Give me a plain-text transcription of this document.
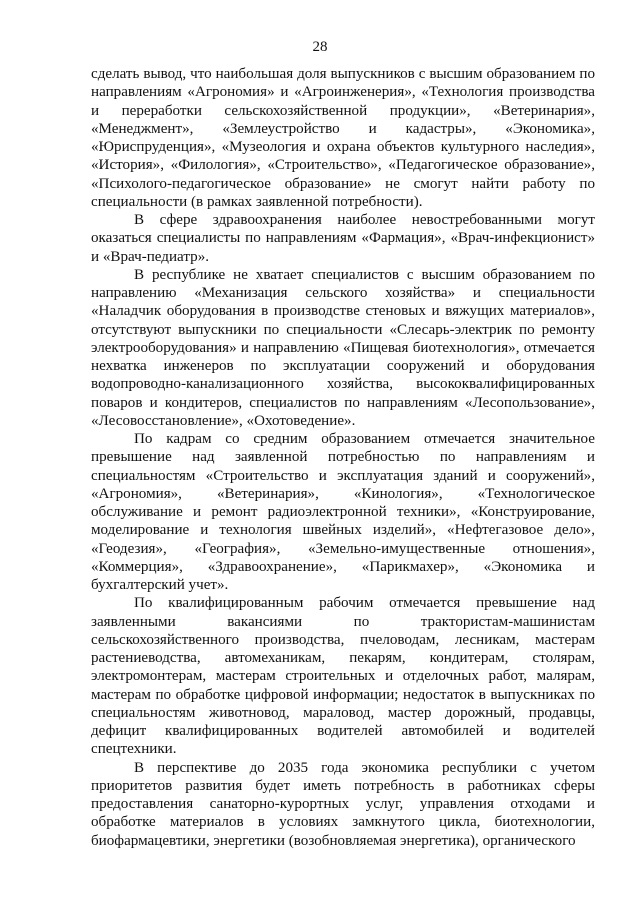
28

сделать вывод, что наибольшая доля выпускников с высшим образованием по направлениям «Агрономия» и «Агроинженерия», «Технология производства и переработки сельскохозяйственной продукции», «Ветеринария», «Менеджмент», «Землеустройство и кадастры», «Экономика», «Юриспруденция», «Музеология и охрана объектов культурного наследия», «История», «Филология», «Строительство», «Педагогическое образование», «Психолого-педагогическое образование» не смогут найти работу по специальности (в рамках заявленной потребности).

В сфере здравоохранения наиболее невостребованными могут оказаться специалисты по направлениям «Фармация», «Врач-инфекционист» и «Врач-педиатр».

В республике не хватает специалистов с высшим образованием по направлению «Механизация сельского хозяйства» и специальности «Наладчик оборудования в производстве стеновых и вяжущих материалов», отсутствуют выпускники по специальности «Слесарь-электрик по ремонту электрооборудования» и направлению «Пищевая биотехнология», отмечается нехватка инженеров по эксплуатации сооружений и оборудования водопроводно-канализационного хозяйства, высококвалифицированных поваров и кондитеров, специалистов по направлениям «Лесопользование», «Лесовосстановление», «Охотоведение».

По кадрам со средним образованием отмечается значительное превышение над заявленной потребностью по направлениям и специальностям «Строительство и эксплуатация зданий и сооружений», «Агрономия», «Ветеринария», «Кинология», «Технологическое обслуживание и ремонт радиоэлектронной техники», «Конструирование, моделирование и технология швейных изделий», «Нефтегазовое дело», «Геодезия», «География», «Земельно-имущественные отношения», «Коммерция», «Здравоохранение», «Парикмахер», «Экономика и бухгалтерский учет».

По квалифицированным рабочим отмечается превышение над заявленными вакансиями по трактористам-машинистам сельскохозяйственного производства, пчеловодам, лесникам, мастерам растениеводства, автомеханикам, пекарям, кондитерам, столярам, электромонтерам, мастерам строительных и отделочных работ, малярам, мастерам по обработке цифровой информации; недостаток в выпускниках по специальностям животновод, мараловод, мастер дорожный, продавцы, дефицит квалифицированных водителей автомобилей и водителей спецтехники.

В перспективе до 2035 года экономика республики с учетом приоритетов развития будет иметь потребность в работниках сферы предоставления санаторно-курортных услуг, управления отходами и обработке материалов в условиях замкнутого цикла, биотехнологии, биофармацевтики, энергетики (возобновляемая энергетика), органического
